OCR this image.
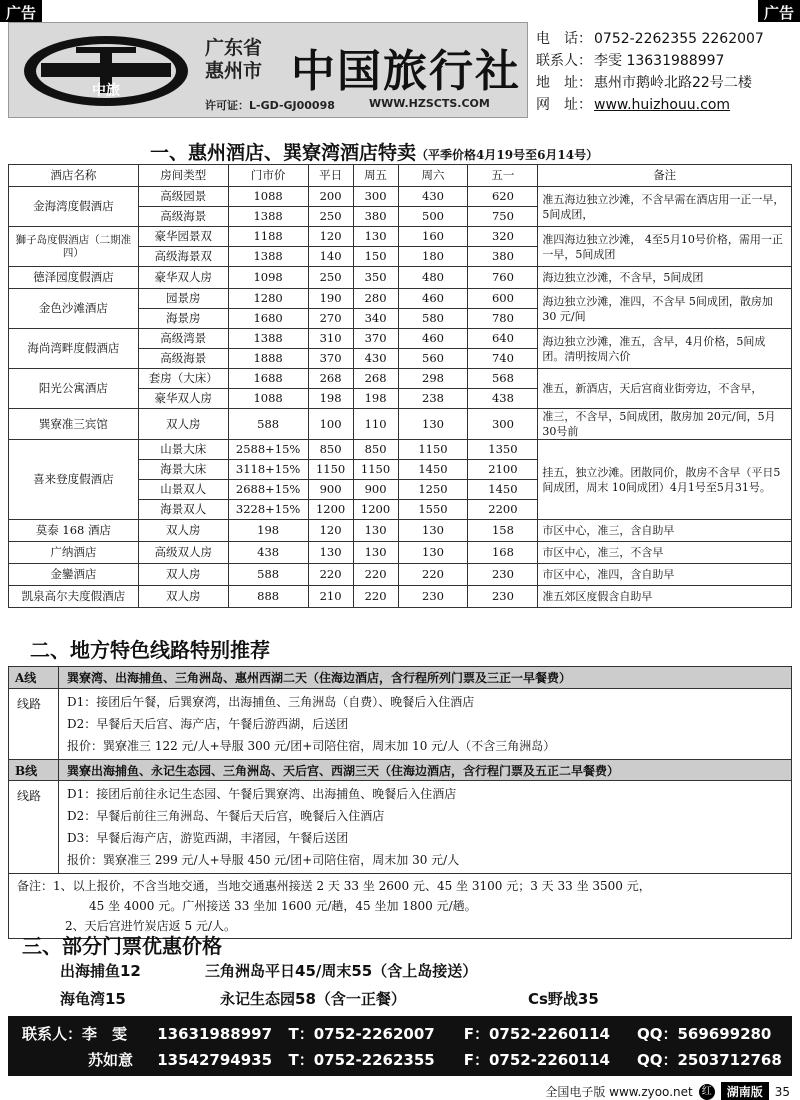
广告	广告
中旅
广东省
惠州市 中国旅行社
许可证：L-GD-GJ00098	WWW.HZSCTS.COM
电　话： 0752-2262355 2262007
联系人： 李雯 13631988997
地　址： 惠州市鹅岭北路22号二楼
网　址： www.huizhouu.com
一、惠州酒店、巽寮湾酒店特卖（平季价格4月19号至6月14号）
酒店名称	房间类型	门市价	平日	周五	周六	五一	备注
金海湾度假酒店	高级园景	1088	200	300	430	620	准五海边独立沙滩，不含早需在酒店用一正一早，5间成团，
	高级海景	1388	250	380	500	750	
獅子岛度假酒店（二期准四）	豪华园景双	1188	120	130	160	320	准四海边独立沙滩， 4至5月10号价格，需用一正一早，5间成团
	高级海景双	1388	140	150	180	380	
德泽园度假酒店	豪华双人房	1098	250	350	480	760	海边独立沙滩，不含早，5间成团
金色沙滩酒店	园景房	1280	190	280	460	600	海边独立沙滩，准四，不含早 5间成团，散房加 30 元/间
	海景房	1680	270	340	580	780	
海尚湾畔度假酒店	高级湾景	1388	310	370	460	640	海边独立沙滩，准五，含早，4月价格，5间成团。清明按周六价
	高级海景	1888	370	430	560	740	
阳光公寓酒店	套房（大床）	1688	268	268	298	568	准五，新酒店，天后宫商业街旁边，不含早，
	豪华双人房	1088	198	198	238	438	
巽寮准三宾馆	双人房	588	100	110	130	300	准三，不含早，5间成团，散房加 20元/间，5月30号前
喜来登度假酒店	山景大床	2588+15%	850	850	1150	1350	挂五，独立沙滩。团散同价，散房不含早（平日5间成团，周末 10间成团）4月1号至5月31号。
	海景大床	3118+15%	1150	1150	1450	2100	
	山景双人	2688+15%	900	900	1250	1450	
	海景双人	3228+15%	1200	1200	1550	2200	
莫泰 168 酒店	双人房	198	120	130	130	158	市区中心，准三，含自助早
广纳酒店	高级双人房	438	130	130	130	168	市区中心，准三，不含早
金鑾酒店	双人房	588	220	220	220	230	市区中心，准四，含自助早
凯泉高尔夫度假酒店	双人房	888	210	220	230	230	准五郊区度假含自助早
二、地方特色线路特别推荐
A线	巽寮湾、出海捕鱼、三角洲岛、惠州西湖二天（住海边酒店，含行程所列门票及三正一早餐费）
线路	D1：接团后午餐，后巽寮湾，出海捕鱼、三角洲岛（自费）、晚餐后入住酒店
D2：早餐后天后宫、海产店，午餐后游西湖，后送团
报价：巽寮准三 122 元/人+导服 300 元/团+司陪住宿，周末加 10 元/人（不含三角洲岛）
B线	巽寮出海捕鱼、永记生态园、三角洲岛、天后宫、西湖三天（住海边酒店，含行程门票及五正二早餐费）
线路	D1：接团后前往永记生态园、午餐后巽寮湾、出海捕鱼、晚餐后入住酒店
D2：早餐后前往三角洲岛、午餐后天后宫，晚餐后入住酒店
D3：早餐后海产店，游览西湖，丰渚园，午餐后送团
报价：巽寮准三 299 元/人+导服 450 元/团+司陪住宿，周末加 30 元/人
备注：1、以上报价，不含当地交通，当地交通惠州接送 2 天 33 坐 2600 元、45 坐 3100 元；3 天 33 坐 3500 元，
45 坐 4000 元。广州接送 33 坐加 1600 元/趟，45 坐加 1800 元/趟。
2、天后宫进竹炭店返 5 元/人。
三、部分门票优惠价格
出海捕鱼12	三角洲岛平日45/周末55（含上岛接送）
海龟湾15	永记生态园58（含一正餐）	Cs野战35
联系人：李　雯 13631988997 T：0752-2262007 F：0752-2260114 QQ：569699280
苏如意 13542794935 T：0752-2262355 F：0752-2260114 QQ：2503712768
全国电子版 www.zyoo.net 红	湖南版	35
